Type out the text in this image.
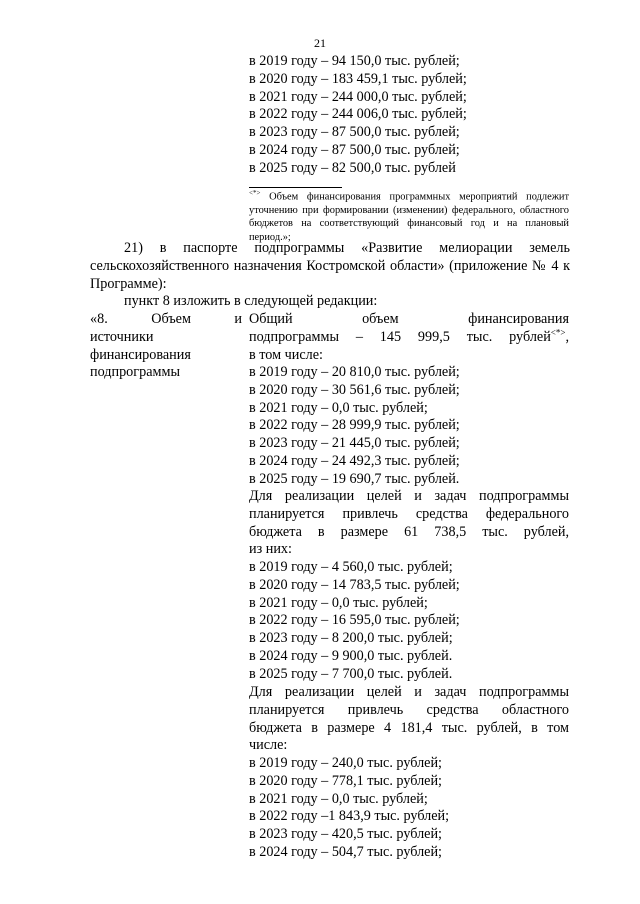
21
в 2019 году – 94 150,0 тыс. рублей;
в 2020 году – 183 459,1 тыс. рублей;
в 2021 году – 244 000,0 тыс. рублей;
в 2022 году – 244 006,0 тыс. рублей;
в 2023 году – 87 500,0 тыс. рублей;
в 2024 году – 87 500,0 тыс. рублей;
в 2025 году – 82 500,0 тыс. рублей
<*> Объем финансирования программных мероприятий подлежит уточнению при формировании (изменении) федерального, областного бюджетов на соответствующий финансовый год и на плановый период.»;
21) в паспорте подпрограммы «Развитие мелиорации земель сельскохозяйственного назначения Костромской области» (приложение № 4 к Программе):
пункт 8 изложить в следующей редакции:
«8. Объем и
источники
финансирования
подпрограммы
Общий объем финансирования
подпрограммы – 145 999,5 тыс. рублей<*>,
в том числе:
в 2019 году – 20 810,0 тыс. рублей;
в 2020 году – 30 561,6 тыс. рублей;
в 2021 году – 0,0 тыс. рублей;
в 2022 году – 28 999,9 тыс. рублей;
в 2023 году – 21 445,0 тыс. рублей;
в 2024 году – 24 492,3 тыс. рублей;
в 2025 году – 19 690,7 тыс. рублей.
Для реализации целей и задач подпрограммы
планируется привлечь средства федерального
бюджета в размере 61 738,5 тыс. рублей,
из них:
в 2019 году – 4 560,0 тыс. рублей;
в 2020 году – 14 783,5 тыс. рублей;
в 2021 году – 0,0 тыс. рублей;
в 2022 году – 16 595,0 тыс. рублей;
в 2023 году – 8 200,0 тыс. рублей;
в 2024 году – 9 900,0 тыс. рублей.
в 2025 году – 7 700,0 тыс. рублей.
Для реализации целей и задач подпрограммы
планируется привлечь средства областного
бюджета в размере 4 181,4 тыс. рублей, в том
числе:
в 2019 году – 240,0 тыс. рублей;
в 2020 году – 778,1 тыс. рублей;
в 2021 году – 0,0 тыс. рублей;
в 2022 году –1 843,9 тыс. рублей;
в 2023 году – 420,5 тыс. рублей;
в 2024 году – 504,7 тыс. рублей;
